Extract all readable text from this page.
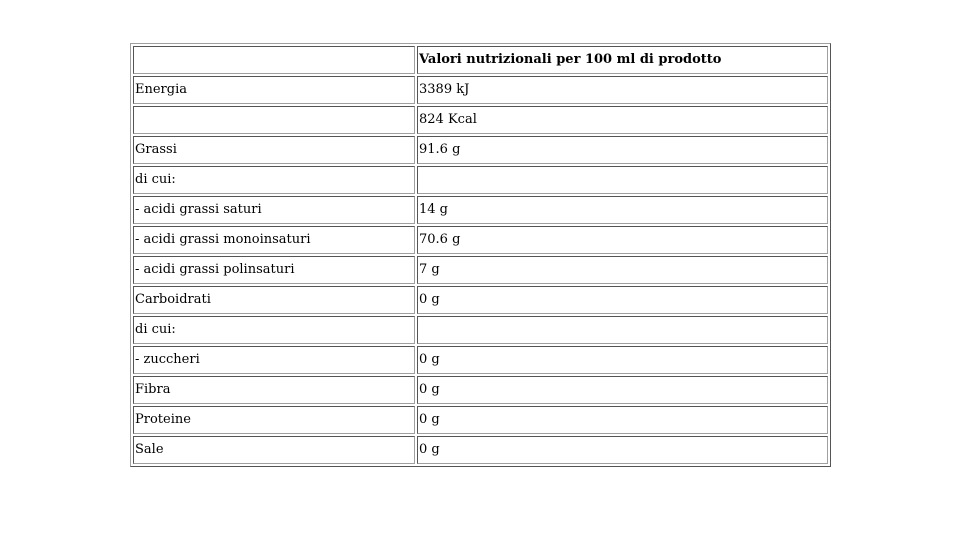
	Valori nutrizionali per 100 ml di prodotto
Energia	3389 kJ
	824 Kcal
Grassi	91.6 g
di cui:	
- acidi grassi saturi	14 g
- acidi grassi monoinsaturi	70.6 g
- acidi grassi polinsaturi	7 g
Carboidrati	0 g
di cui:	
- zuccheri	0 g
Fibra	0 g
Proteine	0 g
Sale	0 g
